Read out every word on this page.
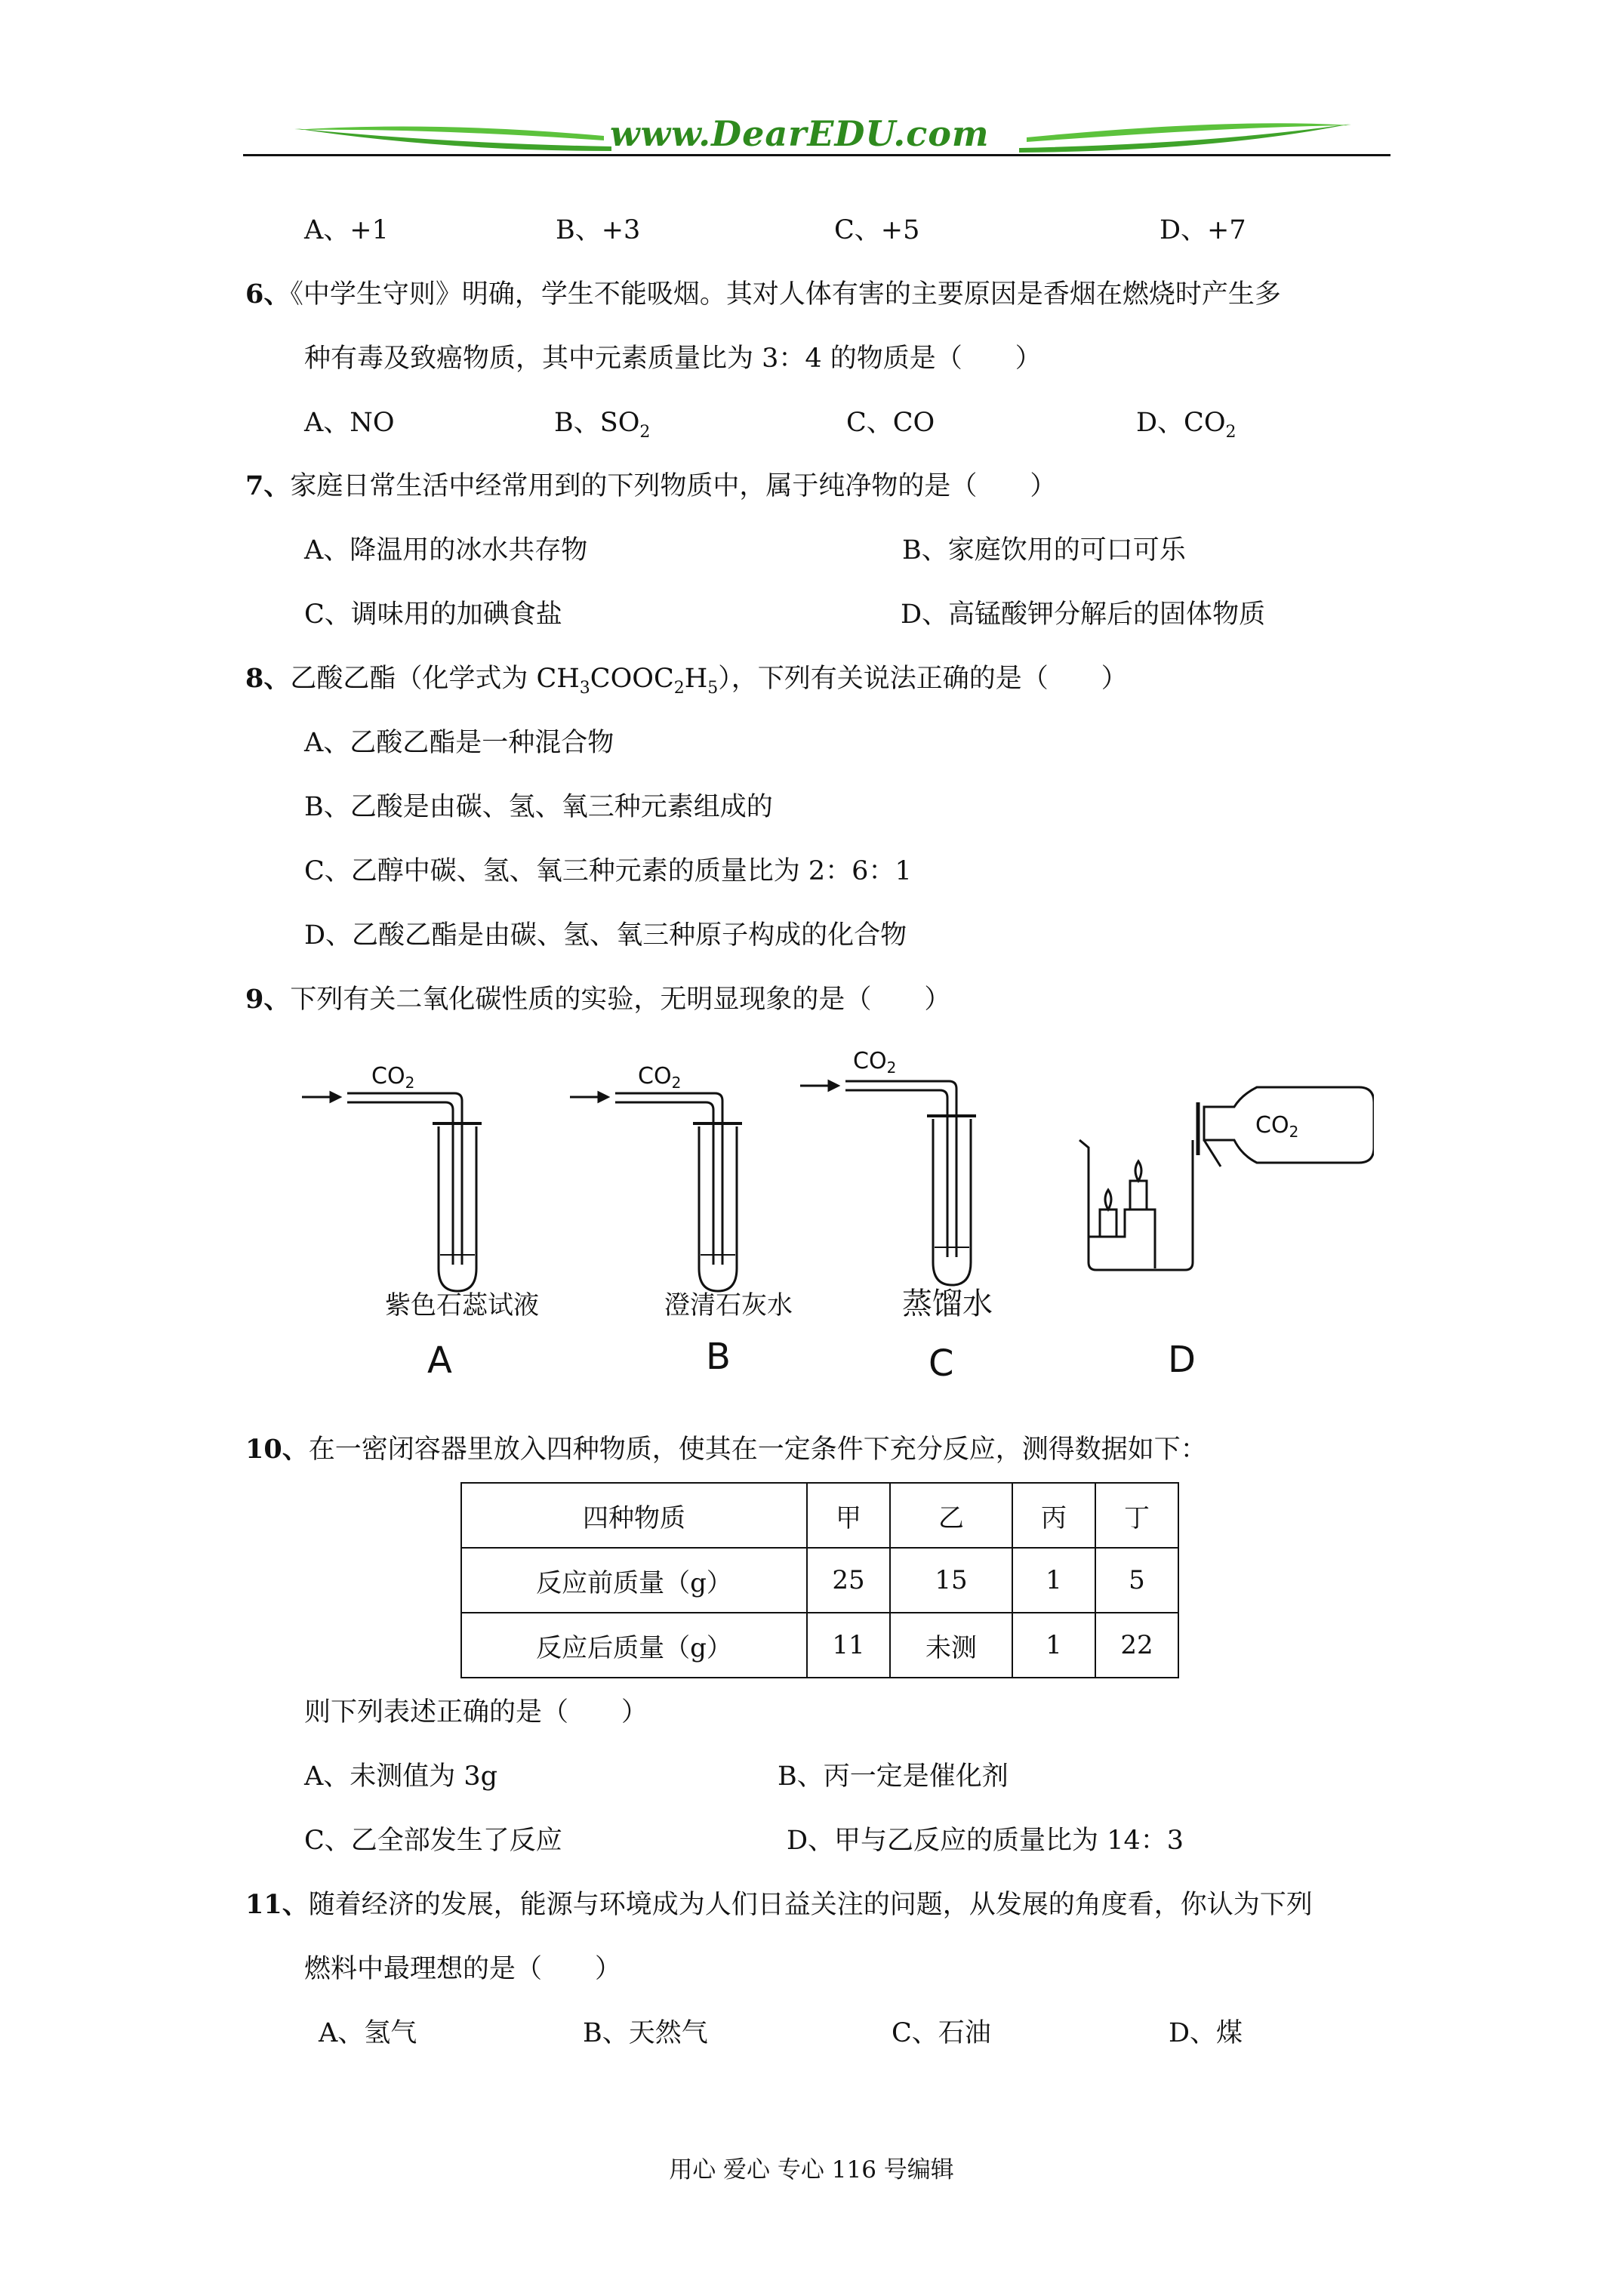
www.DearEDU.com
A、+1	B、+3	C、+5	D、+7
6、《中学生守则》明确，学生不能吸烟。其对人体有害的主要原因是香烟在燃烧时产生多
种有毒及致癌物质，其中元素质量比为 3：4 的物质是（　　）
A、NO	B、$SO_2$	C、CO	D、$CO_2$
7、家庭日常生活中经常用到的下列物质中，属于纯净物的是（　　）
A、降温用的冰水共存物	B、家庭饮用的可口可乐
C、调味用的加碘食盐	D、高锰酸钾分解后的固体物质
8、乙酸乙酯（化学式为 $CH_3COOC_2H_5$），下列有关说法正确的是（　　）
A、乙酸乙酯是一种混合物
B、乙酸是由碳、氢、氧三种元素组成的
C、乙醇中碳、氢、氧三种元素的质量比为 2：6：1
D、乙酸乙酯是由碳、氢、氧三种原子构成的化合物
9、下列有关二氧化碳性质的实验，无明显现象的是（　　）
$CO_2$	$CO_2$
$CO_2$
$CO_2$
紫色石蕊试液	澄清石灰水	蒸馏水
A	B	C	D
10、在一密闭容器里放入四种物质，使其在一定条件下充分反应，测得数据如下：
四种物质	甲	乙	丙	丁
反应前质量（g）	25	15	1	5
反应后质量（g）	11	未测	1	22
则下列表述正确的是（　　）
A、未测值为 3g	B、丙一定是催化剂
C、乙全部发生了反应	D、甲与乙反应的质量比为 14：3
11、随着经济的发展，能源与环境成为人们日益关注的问题，从发展的角度看，你认为下列
燃料中最理想的是（　　）
A、氢气	B、天然气	C、石油	D、煤
用心 爱心 专心 116 号编辑
